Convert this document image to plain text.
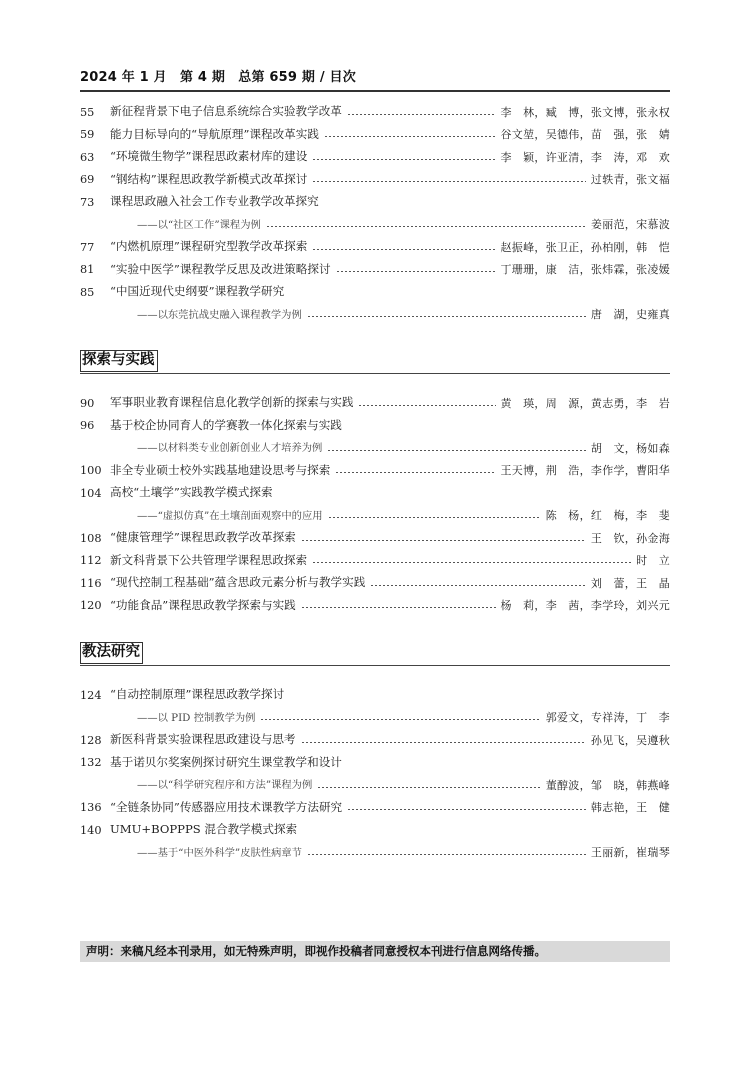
2024 年 1 月　第 4 期　总第 659 期 / 目次
55	新征程背景下电子信息系统综合实验教学改革	李　林，臧　博，张文博，张永权
59	能力目标导向的“导航原理”课程改革实践	谷文堃，吴德伟，苗　强，张　婧
63	“环境微生物学”课程思政素材库的建设	李　颖，许亚清，李　涛，邓　欢
69	“钢结构”课程思政教学新模式改革探讨	过轶青，张文福
73	课程思政融入社会工作专业教学改革探究
——以“社区工作”课程为例	姜丽范，宋慕波
77	“内燃机原理”课程研究型教学改革探索	赵振峰，张卫正，孙柏刚，韩　恺
81	“实验中医学”课程教学反思及改进策略探讨	丁珊珊，康　洁，张炜霖，张凌媛
85	“中国近现代史纲要”课程教学研究
——以东莞抗战史融入课程教学为例	唐　湖，史雍真
探索与实践
90	军事职业教育课程信息化教学创新的探索与实践	黄　瑛，周　源，黄志勇，李　岩
96	基于校企协同育人的学赛教一体化探索与实践
——以材料类专业创新创业人才培养为例	胡　文，杨如森
100 非全专业硕士校外实践基地建设思考与探索	王天博，荆　浩，李作学，曹阳华
104 高校“土壤学”实践教学模式探索
——“虚拟仿真”在土壤剖面观察中的应用	陈　杨，红　梅，李　斐
108 “健康管理学”课程思政教学改革探索	王　钦，孙金海
112 新文科背景下公共管理学课程思政探索	时　立
116 “现代控制工程基础”蕴含思政元素分析与教学实践	刘　蕾，王　晶
120 “功能食品”课程思政教学探索与实践	杨　莉，李　茜，李学玲，刘兴元
教法研究
124 “自动控制原理”课程思政教学探讨
——以 PID 控制教学为例	郭爱文，专祥涛，丁　李
128 新医科背景实验课程思政建设与思考	孙见飞，吴遵秋
132 基于诺贝尔奖案例探讨研究生课堂教学和设计
——以“科学研究程序和方法”课程为例	董醇波，邹　晓，韩燕峰
136 “全链条协同”传感器应用技术课教学方法研究	韩志艳，王　健
140 UMU+BOPPPS 混合教学模式探索
——基于“中医外科学”皮肤性病章节	王丽新，崔瑞琴
声明：来稿凡经本刊录用，如无特殊声明，即视作投稿者同意授权本刊进行信息网络传播。
